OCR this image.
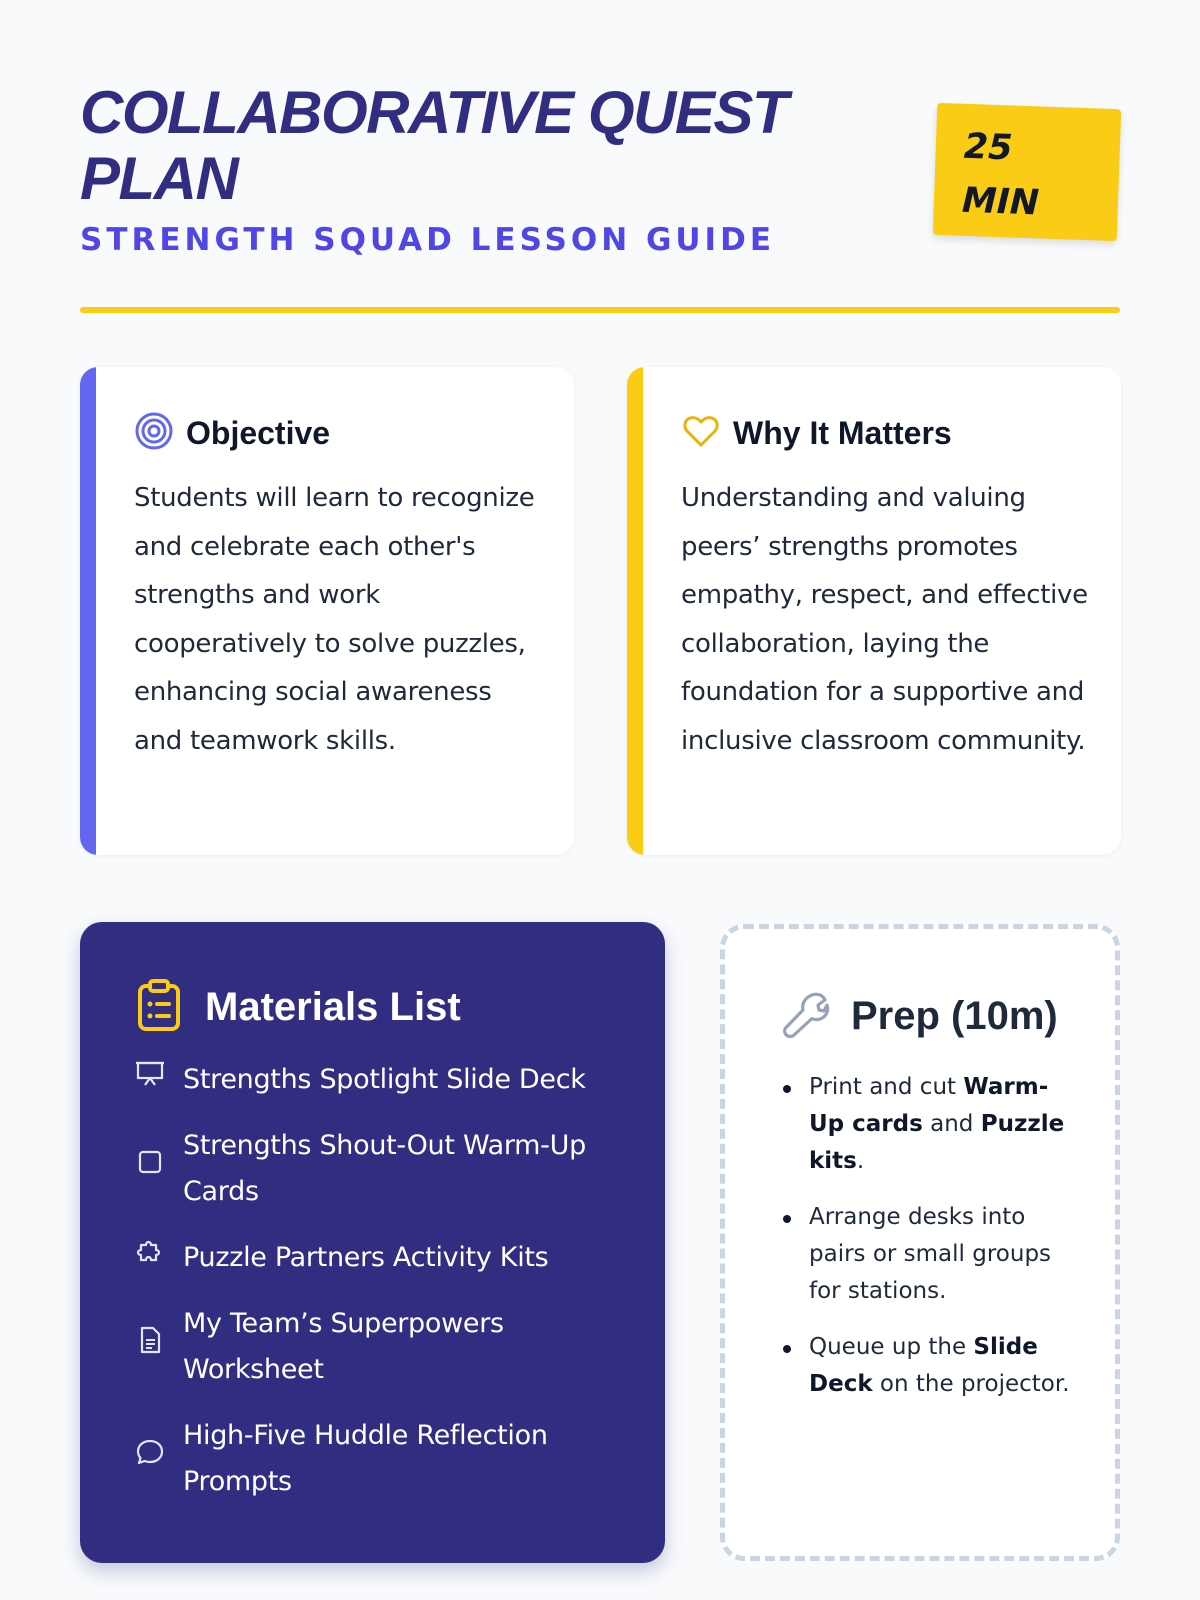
COLLABORATIVE QUEST PLAN
STRENGTH SQUAD LESSON GUIDE
25 MIN
Objective

Students will learn to recognize and celebrate each other's strengths and work cooperatively to solve puzzles, enhancing social awareness and teamwork skills.

Why It Matters

Understanding and valuing peers’ strengths promotes empathy, respect, and effective collaboration, laying the foundation for a supportive and inclusive classroom community.

Materials List
Strengths Spotlight Slide Deck
Strengths Shout-Out Warm-Up Cards
Puzzle Partners Activity Kits
My Team’s Superpowers Worksheet
High-Five Huddle Reflection Prompts
Prep (10m)
Print and cut Warm-Up cards and Puzzle kits.
Arrange desks into pairs or small groups for stations.
Queue up the Slide Deck on the projector.
